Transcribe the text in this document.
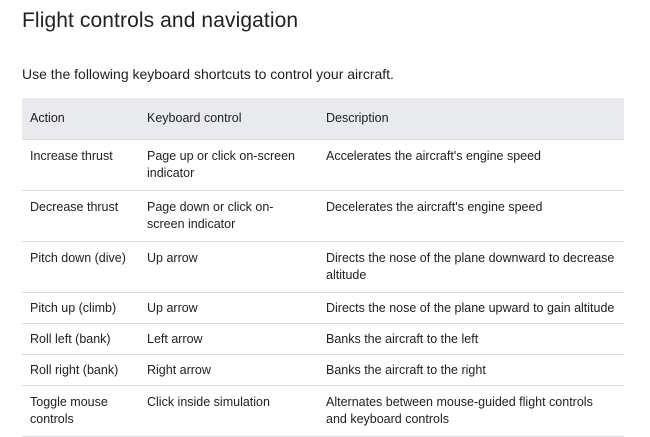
Flight controls and navigation

Use the following keyboard shortcuts to control your aircraft.

Action	Keyboard control	Description
Increase thrust	Page up or click on-screen indicator	Accelerates the aircraft's engine speed
Decrease thrust	Page down or click on-screen indicator	Decelerates the aircraft's engine speed
Pitch down (dive)	Up arrow	Directs the nose of the plane downward to decrease altitude
Pitch up (climb)	Up arrow	Directs the nose of the plane upward to gain altitude
Roll left (bank)	Left arrow	Banks the aircraft to the left
Roll right (bank)	Right arrow	Banks the aircraft to the right
Toggle mouse controls	Click inside simulation	Alternates between mouse-guided flight controls and keyboard controls
